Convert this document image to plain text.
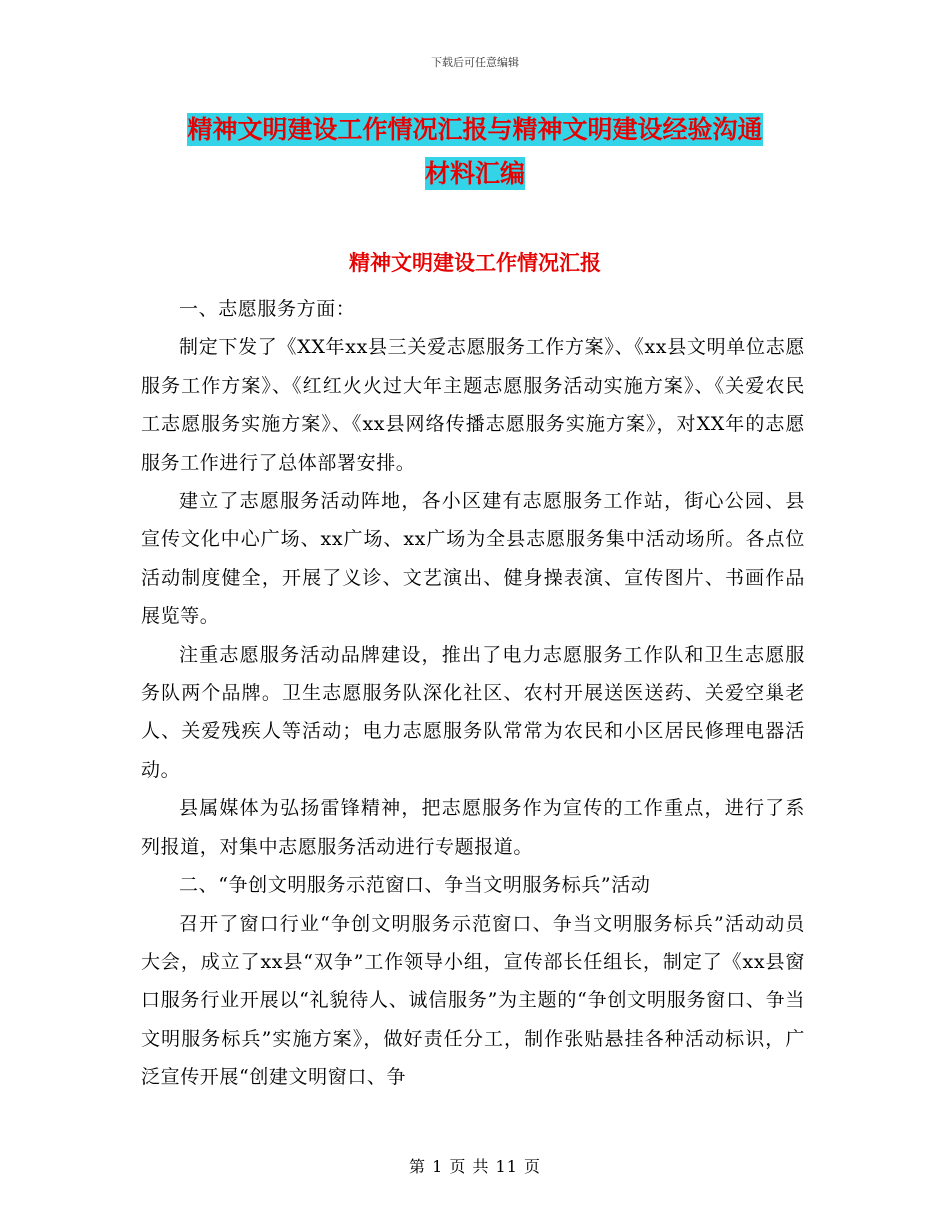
下载后可任意编辑
精神文明建设工作情况汇报与精神文明建设经验沟通
材料汇编
精神文明建设工作情况汇报

一、志愿服务方面：

制定下发了《XX年xx县三关爱志愿服务工作方案》、《xx县文明单位志愿服务工作方案》、《红红火火过大年主题志愿服务活动实施方案》、《关爱农民工志愿服务实施方案》、《xx县网络传播志愿服务实施方案》，对XX年的志愿服务工作进行了总体部署安排。

建立了志愿服务活动阵地，各小区建有志愿服务工作站，街心公园、县宣传文化中心广场、xx广场、xx广场为全县志愿服务集中活动场所。各点位活动制度健全，开展了义诊、文艺演出、健身操表演、宣传图片、书画作品展览等。

注重志愿服务活动品牌建设，推出了电力志愿服务工作队和卫生志愿服务队两个品牌。卫生志愿服务队深化社区、农村开展送医送药、关爱空巢老人、关爱残疾人等活动；电力志愿服务队常常为农民和小区居民修理电器活动。

县属媒体为弘扬雷锋精神，把志愿服务作为宣传的工作重点，进行了系列报道，对集中志愿服务活动进行专题报道。

二、“争创文明服务示范窗口、争当文明服务标兵”活动

召开了窗口行业“争创文明服务示范窗口、争当文明服务标兵”活动动员大会，成立了xx县“双争”工作领导小组，宣传部长任组长，制定了《xx县窗口服务行业开展以“礼貌待人、诚信服务”为主题的“争创文明服务窗口、争当文明服务标兵”实施方案》，做好责任分工，制作张贴悬挂各种活动标识，广泛宣传开展“创建文明窗口、争

第 1 页 共 11 页
